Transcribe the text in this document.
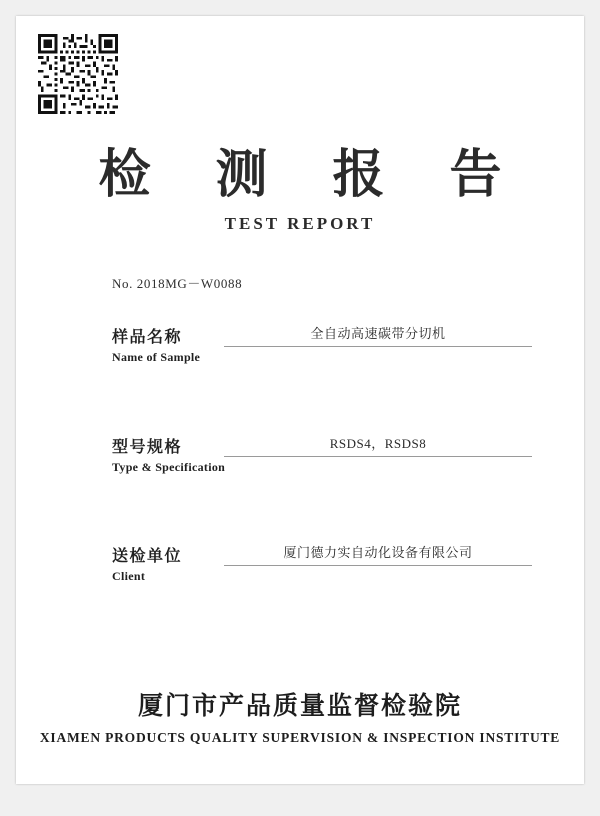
检 测 报 告
TEST REPORT
No. 2018MG－W0088
样品名称
Name of Sample
全自动高速碳带分切机
型号规格
Type & Specification
RSDS4，RSDS8
送检单位
Client
厦门德力实自动化设备有限公司
厦门市产品质量监督检验院
XIAMEN PRODUCTS QUALITY SUPERVISION & INSPECTION INSTITUTE
